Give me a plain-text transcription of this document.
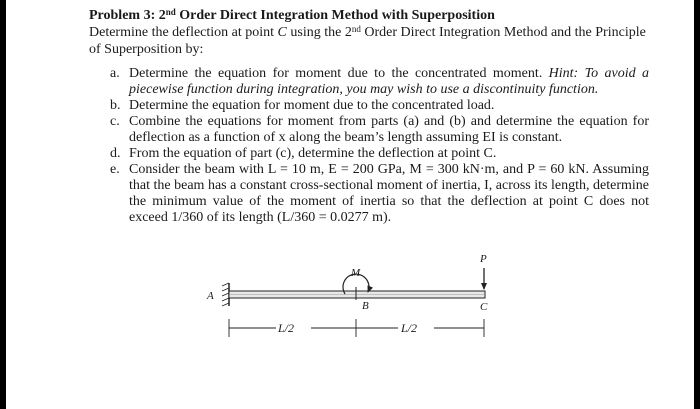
Problem 3: 2nd Order Direct Integration Method with Superposition

Determine the deflection at point C using the 2nd Order Direct Integration Method and the Principle of Superposition by:

a. Determine the equation for moment due to the concentrated moment. Hint: To avoid a piecewise function during integration, you may wish to use a discontinuity function.
b. Determine the equation for moment due to the concentrated load.
c. Combine the equations for moment from parts (a) and (b) and determine the equation for deflection as a function of x along the beam’s length assuming EI is constant.
d. From the equation of part (c), determine the deflection at point C.
e. Consider the beam with L = 10 m, E = 200 GPa, M = 300 kN·m, and P = 60 kN. Assuming that the beam has a constant cross-sectional moment of inertia, I, across its length, determine the minimum value of the moment of inertia so that the deflection at point C does not exceed 1/360 of its length (L/360 = 0.0277 m).
A
M
B
P
C
L/2	L/2
